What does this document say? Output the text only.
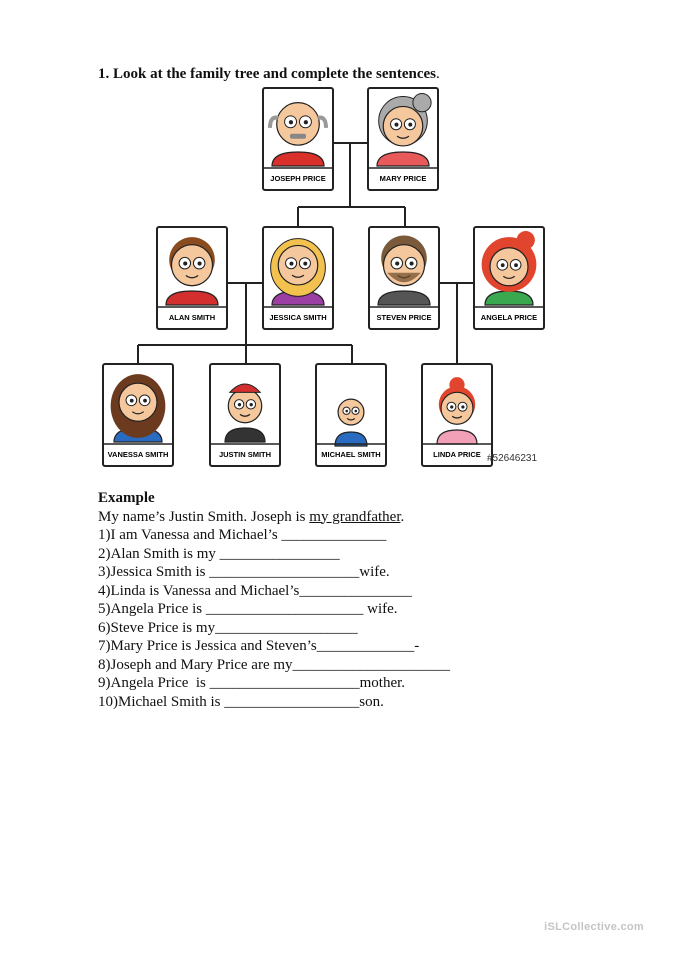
1. Look at the family tree and complete the sentences.
JOSEPH PRICE	MARY PRICE
ALAN SMITH	JESSICA SMITH	STEVEN PRICE	ANGELA PRICE
VANESSA SMITH	JUSTIN SMITH	MICHAEL SMITH	LINDA PRICE #52646231
Example
My name’s Justin Smith. Joseph is my grandfather.
1)I am Vanessa and Michael’s ______________
2)Alan Smith is my ________________
3)Jessica Smith is ____________________wife.
4)Linda is Vanessa and Michael’s_______________
5)Angela Price is _____________________ wife.
6)Steve Price is my___________________
7)Mary Price is Jessica and Steven’s_____________-
8)Joseph and Mary Price are my_____________________
9)Angela Price  is ____________________mother.
10)Michael Smith is __________________son.
iSLCollective.com
